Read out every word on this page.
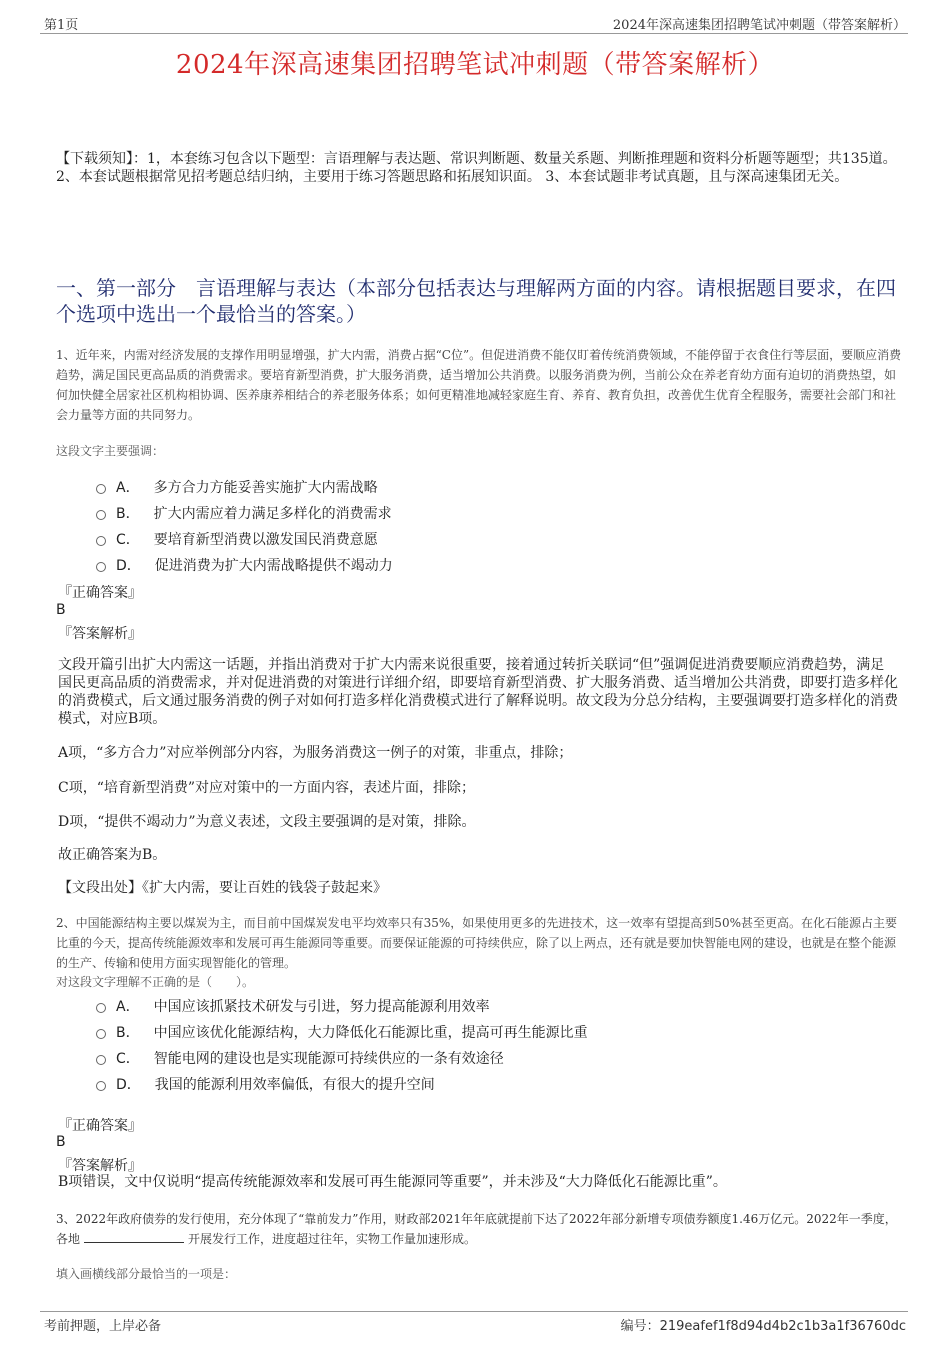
第1页	2024年深高速集团招聘笔试冲刺题（带答案解析）
2024年深高速集团招聘笔试冲刺题（带答案解析）
【下载须知】：1，本套练习包含以下题型：言语理解与表达题、常识判断题、数量关系题、判断推理题和资料分析题等题型；共135道。 2、本套试题根据常见招考题总结归纳，主要用于练习答题思路和拓展知识面。 3、本套试题非考试真题，且与深高速集团无关。
一、第一部分　言语理解与表达（本部分包括表达与理解两方面的内容。请根据题目要求，在四个选项中选出一个最恰当的答案。）
1、近年来，内需对经济发展的支撑作用明显增强，扩大内需，消费占据“C位”。但促进消费不能仅盯着传统消费领域，不能停留于衣食住行等层面，要顺应消费趋势，满足国民更高品质的消费需求。要培育新型消费，扩大服务消费，适当增加公共消费。以服务消费为例，当前公众在养老育幼方面有迫切的消费热望，如何加快健全居家社区机构相协调、医养康养相结合的养老服务体系；如何更精准地减轻家庭生育、养育、教育负担，改善优生优育全程服务，需要社会部门和社会力量等方面的共同努力。
这段文字主要强调：
A． 多方合力方能妥善实施扩大内需战略
B． 扩大内需应着力满足多样化的消费需求
C． 要培育新型消费以激发国民消费意愿
D． 促进消费为扩大内需战略提供不竭动力
『正确答案』
B
『答案解析』
文段开篇引出扩大内需这一话题，并指出消费对于扩大内需来说很重要，接着通过转折关联词“但”强调促进消费要顺应消费趋势，满足国民更高品质的消费需求，并对促进消费的对策进行详细介绍，即要培育新型消费、扩大服务消费、适当增加公共消费，即要打造多样化的消费模式，后文通过服务消费的例子对如何打造多样化消费模式进行了解释说明。故文段为分总分结构，主要强调要打造多样化的消费模式，对应B项。
A项，“多方合力”对应举例部分内容，为服务消费这一例子的对策，非重点，排除；
C项，“培育新型消费”对应对策中的一方面内容，表述片面，排除；
D项，“提供不竭动力”为意义表述，文段主要强调的是对策，排除。
故正确答案为B。
【文段出处】《扩大内需，要让百姓的钱袋子鼓起来》
2、中国能源结构主要以煤炭为主，而目前中国煤炭发电平均效率只有35%，如果使用更多的先进技术，这一效率有望提高到50%甚至更高。在化石能源占主要比重的今天，提高传统能源效率和发展可再生能源同等重要。而要保证能源的可持续供应，除了以上两点，还有就是要加快智能电网的建设，也就是在整个能源的生产、传输和使用方面实现智能化的管理。
对这段文字理解不正确的是（　　）。
A． 中国应该抓紧技术研发与引进，努力提高能源利用效率
B． 中国应该优化能源结构，大力降低化石能源比重，提高可再生能源比重
C． 智能电网的建设也是实现能源可持续供应的一条有效途径
D． 我国的能源利用效率偏低，有很大的提升空间
『正确答案』
B
『答案解析』
B项错误，文中仅说明“提高传统能源效率和发展可再生能源同等重要”，并未涉及“大力降低化石能源比重”。
3、2022年政府债券的发行使用，充分体现了“靠前发力”作用，财政部2021年年底就提前下达了2022年部分新增专项债券额度1.46万亿元。2022年一季度，各地	开展发行工作，进度超过往年，实物工作量加速形成。
填入画横线部分最恰当的一项是：
考前押题，上岸必备	编号：219eafef1f8d94d4b2c1b3a1f36760dc
